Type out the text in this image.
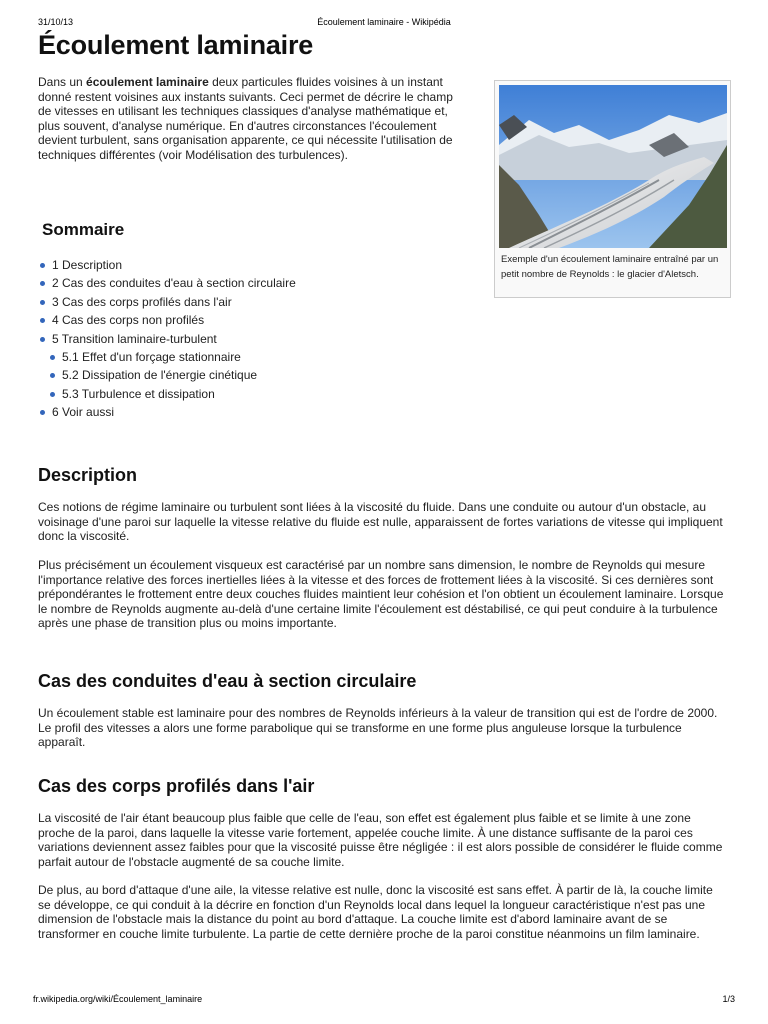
31/10/13	Écoulement laminaire - Wikipédia
Écoulement laminaire

Dans un écoulement laminaire deux particules fluides voisines à un instant donné restent voisines aux instants suivants. Ceci permet de décrire le champ de vitesses en utilisant les techniques classiques d'analyse mathématique et, plus souvent, d'analyse numérique. En d'autres circonstances l'écoulement devient turbulent, sans organisation apparente, ce qui nécessite l'utilisation de techniques différentes (voir Modélisation des turbulences).

Exemple d'un écoulement laminaire entraîné par un petit nombre de Reynolds : le glacier d'Aletsch.
Sommaire
1 Description
2 Cas des conduites d'eau à section circulaire
3 Cas des corps profilés dans l'air
4 Cas des corps non profilés
5 Transition laminaire-turbulent
5.1 Effet d'un forçage stationnaire
5.2 Dissipation de l'énergie cinétique
5.3 Turbulence et dissipation
6 Voir aussi
Description

Ces notions de régime laminaire ou turbulent sont liées à la viscosité du fluide. Dans une conduite ou autour d'un obstacle, au voisinage d'une paroi sur laquelle la vitesse relative du fluide est nulle, apparaissent de fortes variations de vitesse qui impliquent donc la viscosité.

Plus précisément un écoulement visqueux est caractérisé par un nombre sans dimension, le nombre de Reynolds qui mesure l'importance relative des forces inertielles liées à la vitesse et des forces de frottement liées à la viscosité. Si ces dernières sont prépondérantes le frottement entre deux couches fluides maintient leur cohésion et l'on obtient un écoulement laminaire. Lorsque le nombre de Reynolds augmente au-delà d'une certaine limite l'écoulement est déstabilisé, ce qui peut conduire à la turbulence après une phase de transition plus ou moins importante.

Cas des conduites d'eau à section circulaire

Un écoulement stable est laminaire pour des nombres de Reynolds inférieurs à la valeur de transition qui est de l'ordre de 2000. Le profil des vitesses a alors une forme parabolique qui se transforme en une forme plus anguleuse lorsque la turbulence apparaît.

Cas des corps profilés dans l'air

La viscosité de l'air étant beaucoup plus faible que celle de l'eau, son effet est également plus faible et se limite à une zone proche de la paroi, dans laquelle la vitesse varie fortement, appelée couche limite. À une distance suffisante de la paroi ces variations deviennent assez faibles pour que la viscosité puisse être négligée : il est alors possible de considérer le fluide comme parfait autour de l'obstacle augmenté de sa couche limite.

De plus, au bord d'attaque d'une aile, la vitesse relative est nulle, donc la viscosité est sans effet. À partir de là, la couche limite se développe, ce qui conduit à la décrire en fonction d'un Reynolds local dans lequel la longueur caractéristique n'est pas une dimension de l'obstacle mais la distance du point au bord d'attaque. La couche limite est d'abord laminaire avant de se transformer en couche limite turbulente. La partie de cette dernière proche de la paroi constitue néanmoins un film laminaire.

fr.wikipedia.org/wiki/Écoulement_laminaire	1/3
